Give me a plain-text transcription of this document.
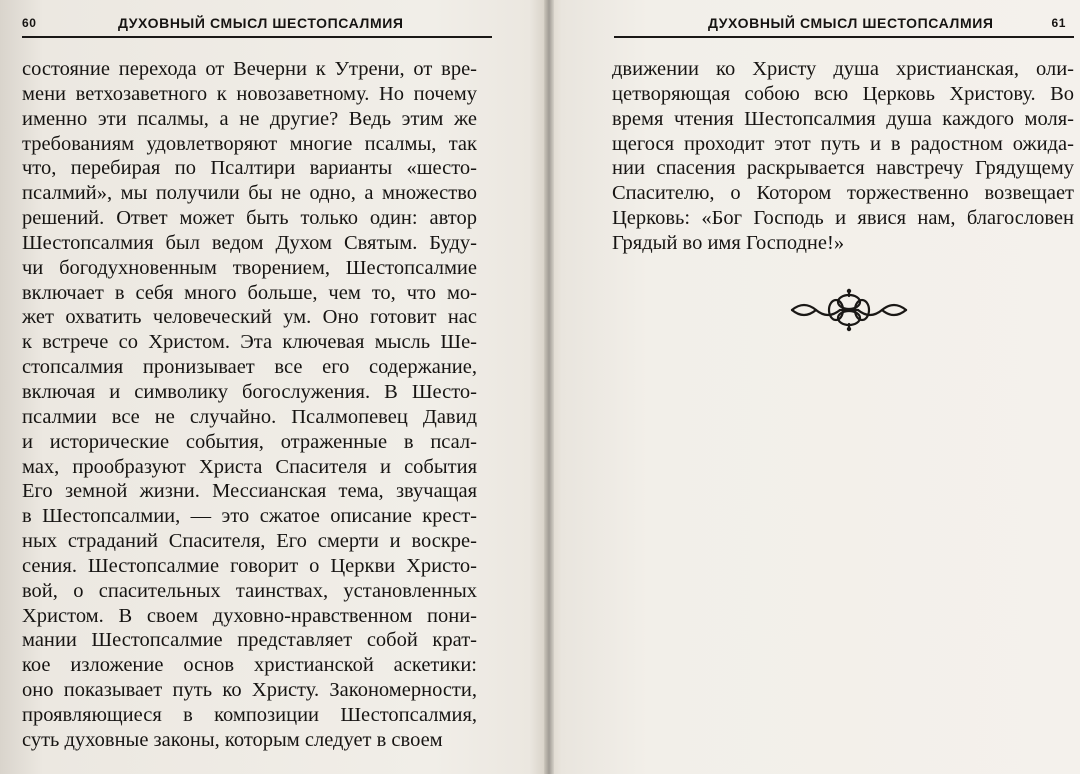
60	ДУХОВНЫЙ СМЫСЛ ШЕСТОПСАЛМИЯ
состояние перехода от Вечерни к Утрени, от вре-
мени ветхозаветного к новозаветному. Но почему
именно эти псалмы, а не другие? Ведь этим же
требованиям удовлетворяют многие псалмы, так
что, перебирая по Псалтири варианты «шесто-
псалмий», мы получили бы не одно, а множество
решений. Ответ может быть только один: автор
Шестопсалмия был ведом Духом Святым. Буду-
чи богодухновенным творением, Шестопсалмие
включает в себя много больше, чем то, что мо-
жет охватить человеческий ум. Оно готовит нас
к встрече со Христом. Эта ключевая мысль Ше-
стопсалмия пронизывает все его содержание,
включая и символику богослужения. В Шесто-
псалмии все не случайно. Псалмопевец Давид
и исторические события, отраженные в псал-
мах, прообразуют Христа Спасителя и события
Его земной жизни. Мессианская тема, звучащая
в Шестопсалмии, — это сжатое описание крест-
ных страданий Спасителя, Его смерти и воскре-
сения. Шестопсалмие говорит о Церкви Христо-
вой, о спасительных таинствах, установленных
Христом. В своем духовно-нравственном пони-
мании Шестопсалмие представляет собой крат-
кое изложение основ христианской аскетики:
оно показывает путь ко Христу. Закономерности,
проявляющиеся в композиции Шестопсалмия,
суть духовные законы, которым следует в своем
ДУХОВНЫЙ СМЫСЛ ШЕСТОПСАЛМИЯ	61
движении ко Христу душа христианская, оли-
цетворяющая собою всю Церковь Христову. Во
время чтения Шестопсалмия душа каждого моля-
щегося проходит этот путь и в радостном ожида-
нии спасения раскрывается навстречу Грядущему
Спасителю, о Котором торжественно возвещает
Церковь: «Бог Господь и явися нам, благословен
Грядый во имя Господне!»
